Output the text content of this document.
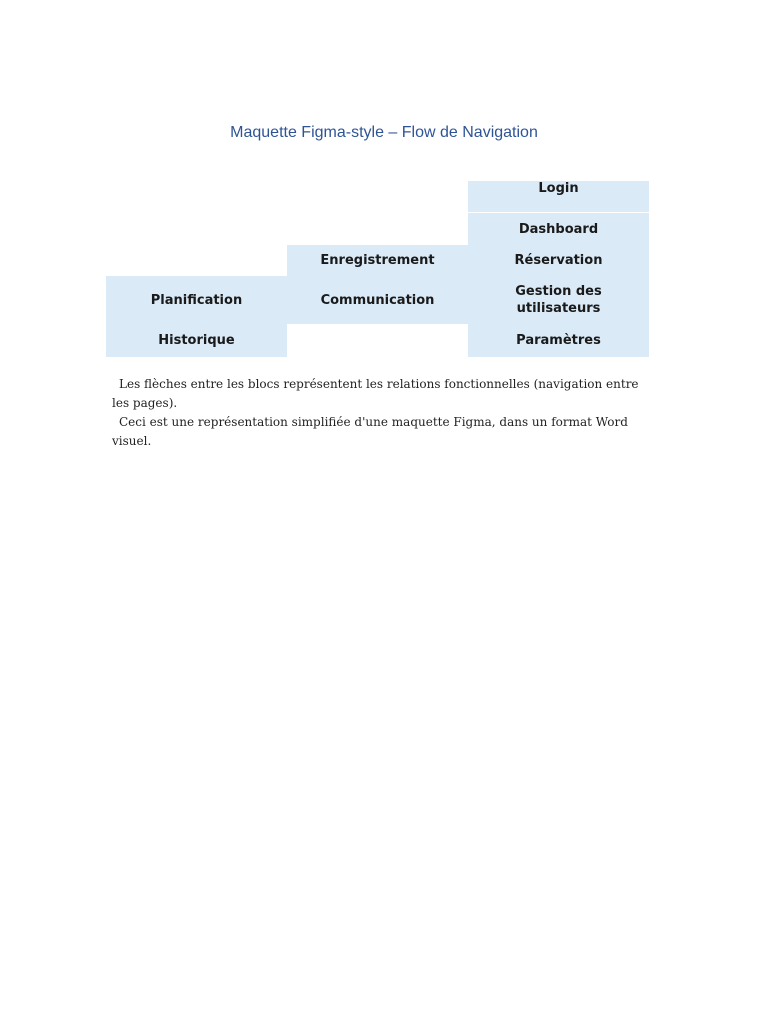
Maquette Figma-style – Flow de Navigation
Login
Dashboard
Réservation
Gestion des
utilisateurs
Paramètres
Enregistrement
Communication
Planification
Historique
Les flèches entre les blocs représentent les relations fonctionnelles (navigation entre les pages).
Ceci est une représentation simplifiée d'une maquette Figma, dans un format Word visuel.
